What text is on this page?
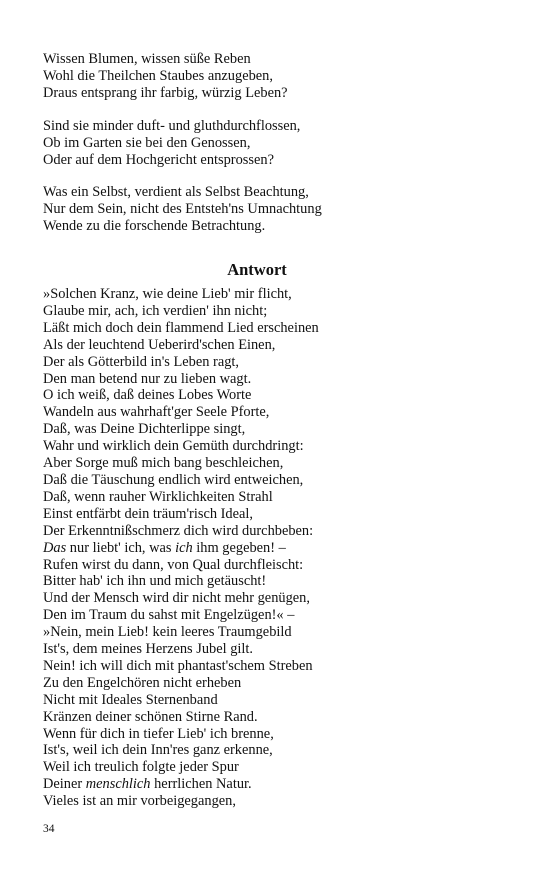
Wissen Blumen, wissen süße Reben
Wohl die Theilchen Staubes anzugeben,
Draus entsprang ihr farbig, würzig Leben?
Sind sie minder duft- und gluthdurchflossen,
Ob im Garten sie bei den Genossen,
Oder auf dem Hochgericht entsprossen?
Was ein Selbst, verdient als Selbst Beachtung,
Nur dem Sein, nicht des Entsteh'ns Umnachtung
Wende zu die forschende Betrachtung.
Antwort
»Solchen Kranz, wie deine Lieb' mir flicht,
Glaube mir, ach, ich verdien' ihn nicht;
Läßt mich doch dein flammend Lied erscheinen
Als der leuchtend Ueberird'schen Einen,
Der als Götterbild in's Leben ragt,
Den man betend nur zu lieben wagt.
O ich weiß, daß deines Lobes Worte
Wandeln aus wahrhaft'ger Seele Pforte,
Daß, was Deine Dichterlippe singt,
Wahr und wirklich dein Gemüth durchdringt:
Aber Sorge muß mich bang beschleichen,
Daß die Täuschung endlich wird entweichen,
Daß, wenn rauher Wirklichkeiten Strahl
Einst entfärbt dein träum'risch Ideal,
Der Erkenntnißschmerz dich wird durchbeben:
Das nur liebt' ich, was ich ihm gegeben! –
Rufen wirst du dann, von Qual durchfleischt:
Bitter hab' ich ihn und mich getäuscht!
Und der Mensch wird dir nicht mehr genügen,
Den im Traum du sahst mit Engelzügen!« –
»Nein, mein Lieb! kein leeres Traumgebild
Ist's, dem meines Herzens Jubel gilt.
Nein! ich will dich mit phantast'schem Streben
Zu den Engelchören nicht erheben
Nicht mit Ideales Sternenband
Kränzen deiner schönen Stirne Rand.
Wenn für dich in tiefer Lieb' ich brenne,
Ist's, weil ich dein Inn'res ganz erkenne,
Weil ich treulich folgte jeder Spur
Deiner menschlich herrlichen Natur.
Vieles ist an mir vorbeigegangen,
34
